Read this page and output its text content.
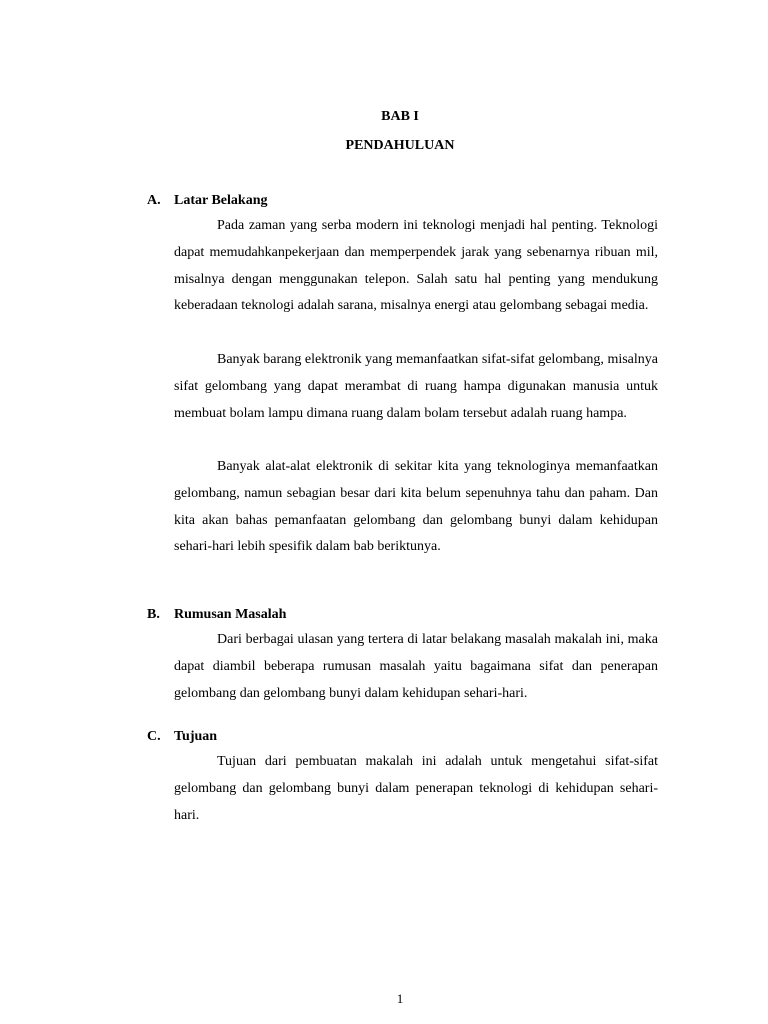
BAB I
PENDAHULUAN
A. Latar Belakang

Pada zaman yang serba modern ini teknologi menjadi hal penting. Teknologi dapat memudahkanpekerjaan dan memperpendek jarak yang sebenarnya ribuan mil, misalnya dengan menggunakan telepon. Salah satu hal penting yang mendukung keberadaan teknologi adalah sarana, misalnya energi atau gelombang sebagai media.

Banyak barang elektronik yang memanfaatkan sifat-sifat gelombang, misalnya sifat gelombang yang dapat merambat di ruang hampa digunakan manusia untuk membuat bolam lampu dimana ruang dalam bolam tersebut adalah ruang hampa.

Banyak alat-alat elektronik di sekitar kita yang teknologinya memanfaatkan gelombang, namun sebagian besar dari kita belum sepenuhnya tahu dan paham. Dan kita akan bahas pemanfaatan gelombang dan gelombang bunyi dalam kehidupan sehari-hari lebih spesifik dalam bab beriktunya.

B. Rumusan Masalah

Dari berbagai ulasan yang tertera di latar belakang masalah makalah ini, maka dapat diambil beberapa rumusan masalah yaitu bagaimana sifat dan penerapan gelombang dan gelombang bunyi dalam kehidupan sehari-hari.

C. Tujuan

Tujuan dari pembuatan makalah ini adalah untuk mengetahui sifat-sifat gelombang dan gelombang bunyi dalam penerapan teknologi di kehidupan sehari-hari.

1
